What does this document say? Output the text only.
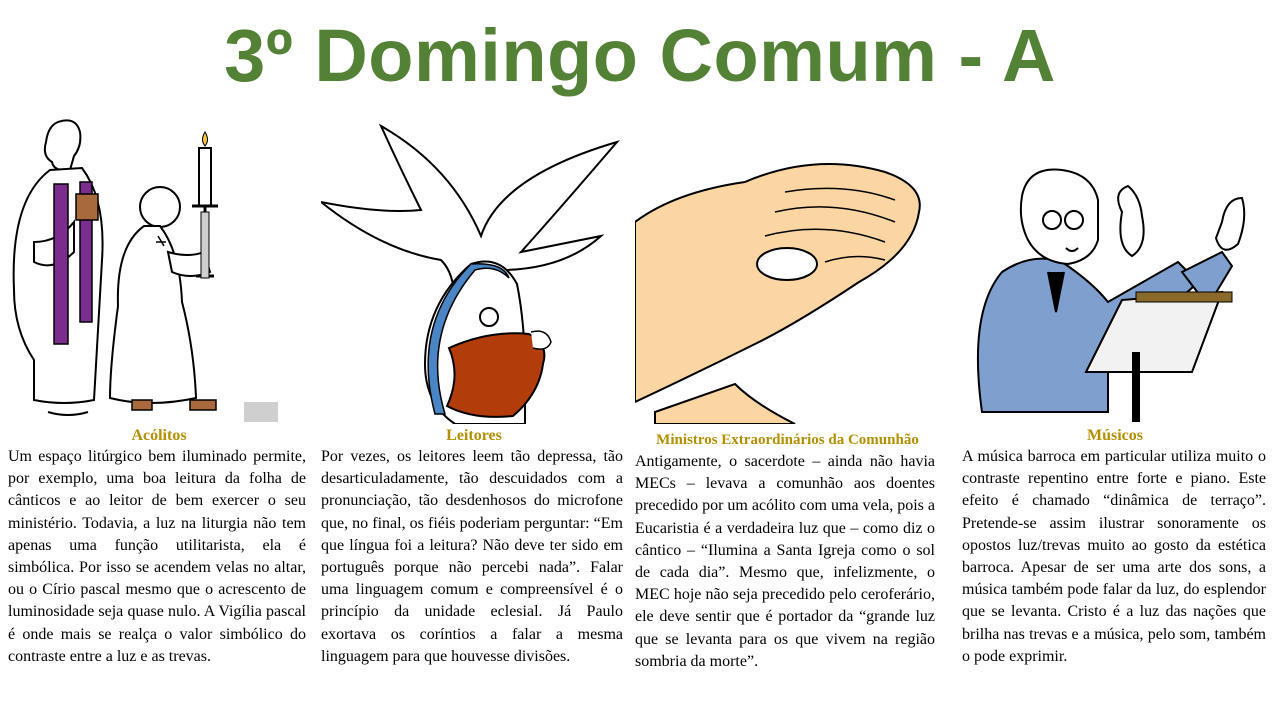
3º Domingo Comum - A
Acólitos
Um espaço litúrgico bem iluminado permite, por exemplo, uma boa leitura da folha de cânticos e ao leitor de bem exercer o seu ministério. Todavia, a luz na liturgia não tem apenas uma função utilitarista, ela é simbólica. Por isso se acendem velas no altar, ou o Círio pascal mesmo que o acrescento de luminosidade seja quase nulo. A Vigília pascal é onde mais se realça o valor simbólico do contraste entre a luz e as trevas.
Leitores
Por vezes, os leitores leem tão depressa, tão desarticuladamente, tão descuidados com a pronunciação, tão desdenhosos do microfone que, no final, os fiéis poderiam perguntar: “Em que língua foi a leitura? Não deve ter sido em português porque não percebi nada”. Falar uma linguagem comum e compreensível é o princípio da unidade eclesial. Já Paulo exortava os coríntios a falar a mesma linguagem para que houvesse divisões.
Ministros Extraordinários da Comunhão
Antigamente, o sacerdote – ainda não havia MECs – levava a comunhão aos doentes precedido por um acólito com uma vela, pois a Eucaristia é a verdadeira luz que – como diz o cântico – “Ilumina a Santa Igreja como o sol de cada dia”. Mesmo que, infelizmente, o MEC hoje não seja precedido pelo ceroferário, ele deve sentir que é portador da “grande luz que se levanta para os que vivem na região sombria da morte”.
Músicos
A música barroca em particular utiliza muito o contraste repentino entre forte e piano. Este efeito é chamado “dinâmica de terraço”. Pretende-se assim ilustrar sonoramente os opostos luz/trevas muito ao gosto da estética barroca. Apesar de ser uma arte dos sons, a música também pode falar da luz, do esplendor que se levanta. Cristo é a luz das nações que brilha nas trevas e a música, pelo som, também o pode exprimir.
